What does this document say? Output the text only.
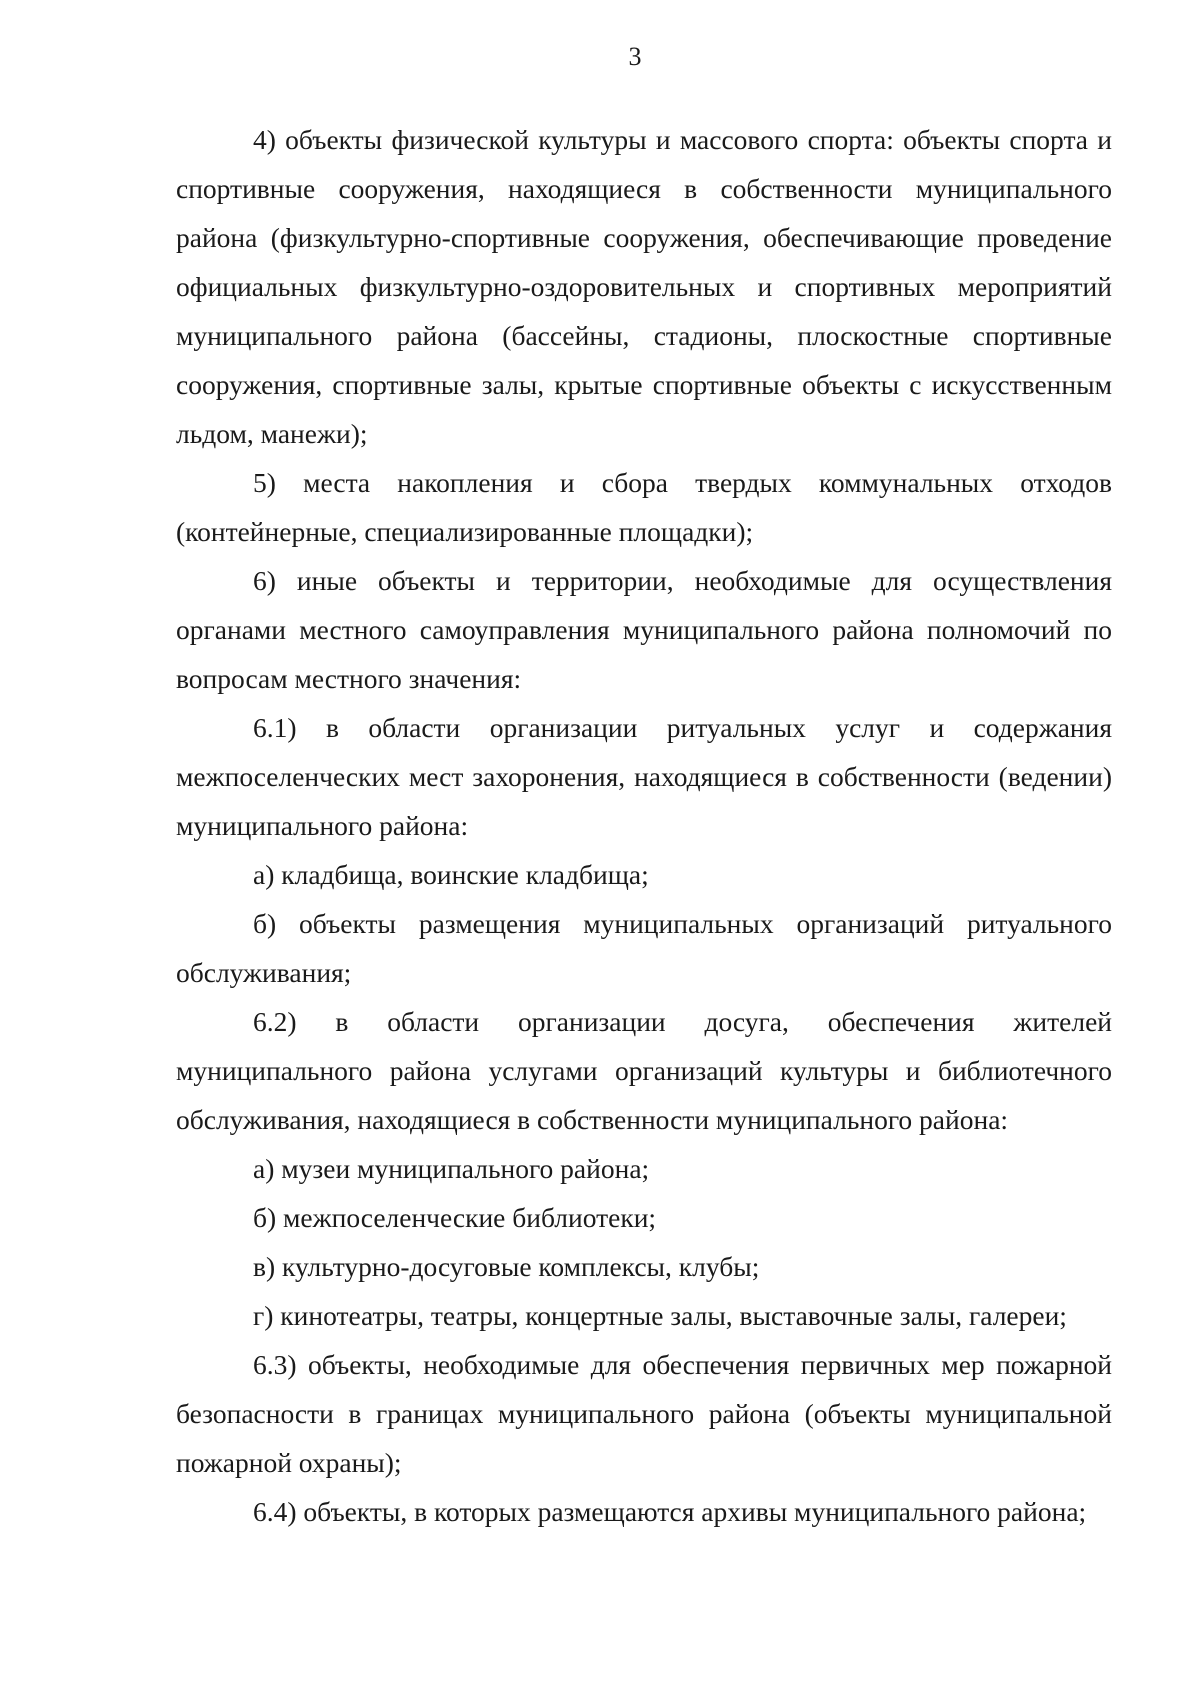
3

4) объекты физической культуры и массового спорта: объекты спорта и спортивные сооружения, находящиеся в собственности муниципального района (физкультурно-спортивные сооружения, обеспечивающие проведение официальных физкультурно-оздоровительных и спортивных мероприятий муниципального района (бассейны, стадионы, плоскостные спортивные сооружения, спортивные залы, крытые спортивные объекты с искусственным льдом, манежи);

5) места накопления и сбора твердых коммунальных отходов (контейнерные, специализированные площадки);

6) иные объекты и территории, необходимые для осуществления органами местного самоуправления муниципального района полномочий по вопросам местного значения:

6.1) в области организации ритуальных услуг и содержания межпоселенческих мест захоронения, находящиеся в собственности (ведении) муниципального района:

а) кладбища, воинские кладбища;

б) объекты размещения муниципальных организаций ритуального обслуживания;

6.2) в области организации досуга, обеспечения жителей муниципального района услугами организаций культуры и библиотечного обслуживания, находящиеся в собственности муниципального района:

а) музеи муниципального района;

б) межпоселенческие библиотеки;

в) культурно-досуговые комплексы, клубы;

г) кинотеатры, театры, концертные залы, выставочные залы, галереи;

6.3) объекты, необходимые для обеспечения первичных мер пожарной безопасности в границах муниципального района (объекты муниципальной пожарной охраны);

6.4) объекты, в которых размещаются архивы муниципального района;
